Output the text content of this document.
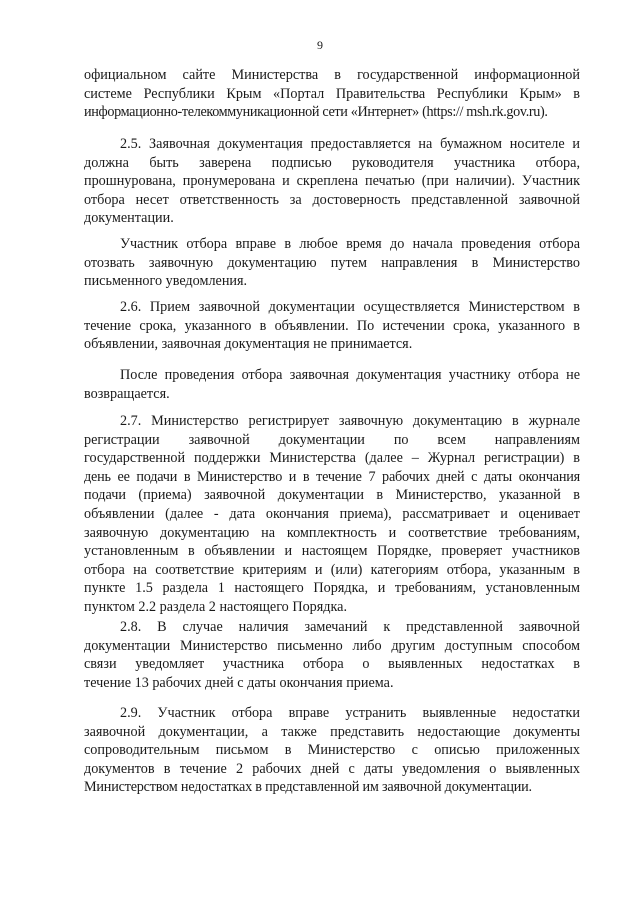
9
официальном сайте Министерства в государственной информационной
системе Республики Крым «Портал Правительства Республики Крым» в
информационно-телекоммуникационной сети «Интернет» (https:// msh.rk.gov.ru).
2.5. Заявочная документация предоставляется на бумажном носителе и
должна быть заверена подписью руководителя участника отбора,
прошнурована, пронумерована и скреплена печатью (при наличии). Участник
отбора несет ответственность за достоверность представленной заявочной
документации.
Участник отбора вправе в любое время до начала проведения отбора
отозвать заявочную документацию путем направления в Министерство
письменного уведомления.
2.6. Прием заявочной документации осуществляется Министерством в
течение срока, указанного в объявлении. По истечении срока, указанного в
объявлении, заявочная документация не принимается.
После проведения отбора заявочная документация участнику отбора не
возвращается.
2.7. Министерство регистрирует заявочную документацию в журнале
регистрации заявочной документации по всем направлениям
государственной поддержки Министерства (далее – Журнал регистрации) в
день ее подачи в Министерство и в течение 7 рабочих дней с даты окончания
подачи (приема) заявочной документации в Министерство, указанной в
объявлении (далее - дата окончания приема), рассматривает и оценивает
заявочную документацию на комплектность и соответствие требованиям,
установленным в объявлении и настоящем Порядке, проверяет участников
отбора на соответствие критериям и (или) категориям отбора, указанным в
пункте 1.5 раздела 1 настоящего Порядка, и требованиям, установленным
пунктом 2.2 раздела 2 настоящего Порядка.
2.8. В случае наличия замечаний к представленной заявочной
документации Министерство письменно либо другим доступным способом
связи уведомляет участника отбора о выявленных недостатках в
течение 13 рабочих дней с даты окончания приема.
2.9. Участник отбора вправе устранить выявленные недостатки
заявочной документации, а также представить недостающие документы
сопроводительным письмом в Министерство с описью приложенных
документов в течение 2 рабочих дней с даты уведомления о выявленных
Министерством недостатках в представленной им заявочной документации.
